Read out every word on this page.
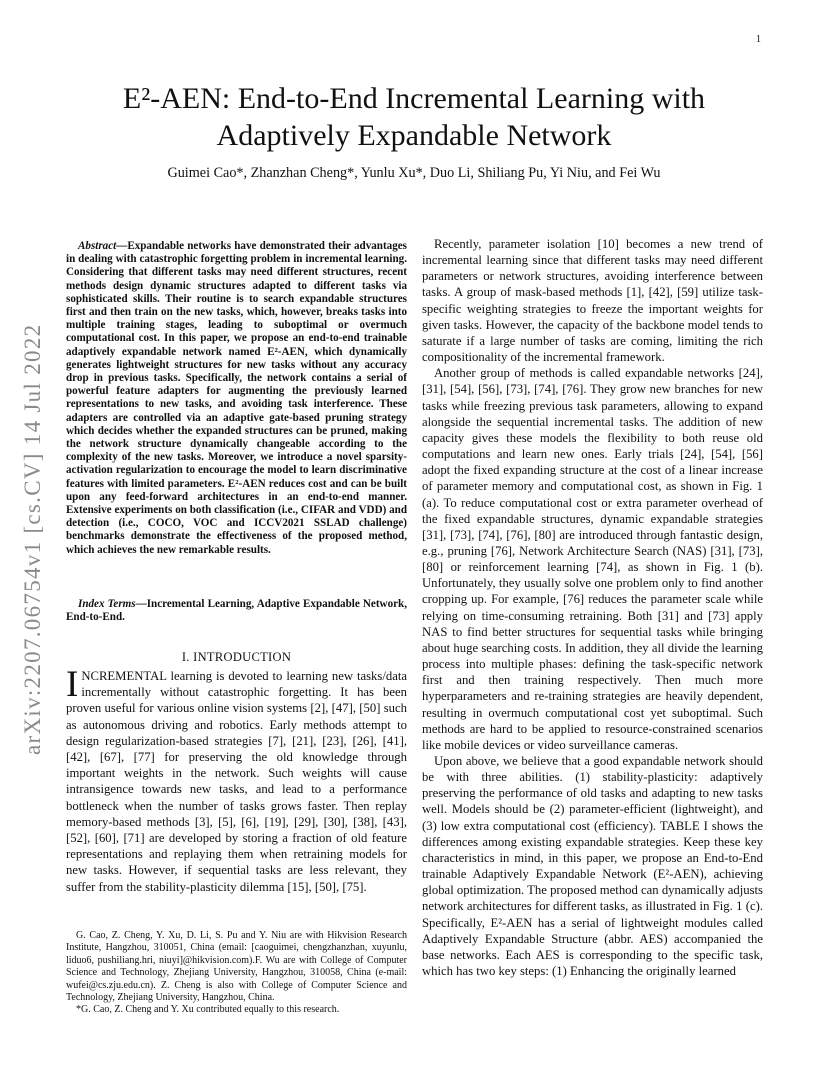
1
arXiv:2207.06754v1 [cs.CV] 14 Jul 2022
E²-AEN: End-to-End Incremental Learning with
Adaptively Expandable Network
Guimei Cao*, Zhanzhan Cheng*, Yunlu Xu*, Duo Li, Shiliang Pu, Yi Niu, and Fei Wu

Abstract—Expandable networks have demonstrated their advantages in dealing with catastrophic forgetting problem in incremental learning. Considering that different tasks may need different structures, recent methods design dynamic structures adapted to different tasks via sophisticated skills. Their routine is to search expandable structures first and then train on the new tasks, which, however, breaks tasks into multiple training stages, leading to suboptimal or overmuch computational cost. In this paper, we propose an end-to-end trainable adaptively expandable network named E²-AEN, which dynamically generates lightweight structures for new tasks without any accuracy drop in previous tasks. Specifically, the network contains a serial of powerful feature adapters for augmenting the previously learned representations to new tasks, and avoiding task interference. These adapters are controlled via an adaptive gate-based pruning strategy which decides whether the expanded structures can be pruned, making the network structure dynamically changeable according to the complexity of the new tasks. Moreover, we introduce a novel sparsity-activation regularization to encourage the model to learn discriminative features with limited parameters. E²-AEN reduces cost and can be built upon any feed-forward architectures in an end-to-end manner. Extensive experiments on both classification (i.e., CIFAR and VDD) and detection (i.e., COCO, VOC and ICCV2021 SSLAD challenge) benchmarks demonstrate the effectiveness of the proposed method, which achieves the new remarkable results.

Index Terms—Incremental Learning, Adaptive Expandable Network, End-to-End.

I. INTRODUCTION

INCREMENTAL learning is devoted to learning new tasks/data incrementally without catastrophic forgetting. It has been proven useful for various online vision systems [2], [47], [50] such as autonomous driving and robotics. Early methods attempt to design regularization-based strategies [7], [21], [23], [26], [41], [42], [67], [77] for preserving the old knowledge through important weights in the network. Such weights will cause intransigence towards new tasks, and lead to a performance bottleneck when the number of tasks grows faster. Then replay memory-based methods [3], [5], [6], [19], [29], [30], [38], [43], [52], [60], [71] are developed by storing a fraction of old feature representations and replaying them when retraining models for new tasks. However, if sequential tasks are less relevant, they suffer from the stability-plasticity dilemma [15], [50], [75].

G. Cao, Z. Cheng, Y. Xu, D. Li, S. Pu and Y. Niu are with Hikvision Research Institute, Hangzhou, 310051, China (email: [caoguimei, chengzhanzhan, xuyunlu, liduo6, pushiliang.hri, niuyi]@hikvision.com).F. Wu are with College of Computer Science and Technology, Zhejiang University, Hangzhou, 310058, China (e-mail: wufei@cs.zju.edu.cn). Z. Cheng is also with College of Computer Science and Technology, Zhejiang University, Hangzhou, China.

*G. Cao, Z. Cheng and Y. Xu contributed equally to this research.

Recently, parameter isolation [10] becomes a new trend of incremental learning since that different tasks may need different parameters or network structures, avoiding interference between tasks. A group of mask-based methods [1], [42], [59] utilize task-specific weighting strategies to freeze the important weights for given tasks. However, the capacity of the backbone model tends to saturate if a large number of tasks are coming, limiting the rich compositionality of the incremental framework.

Another group of methods is called expandable networks [24], [31], [54], [56], [73], [74], [76]. They grow new branches for new tasks while freezing previous task parameters, allowing to expand alongside the sequential incremental tasks. The addition of new capacity gives these models the flexibility to both reuse old computations and learn new ones. Early trials [24], [54], [56] adopt the fixed expanding structure at the cost of a linear increase of parameter memory and computational cost, as shown in Fig. 1 (a). To reduce computational cost or extra parameter overhead of the fixed expandable structures, dynamic expandable strategies [31], [73], [74], [76], [80] are introduced through fantastic design, e.g., pruning [76], Network Architecture Search (NAS) [31], [73], [80] or reinforcement learning [74], as shown in Fig. 1 (b). Unfortunately, they usually solve one problem only to find another cropping up. For example, [76] reduces the parameter scale while relying on time-consuming retraining. Both [31] and [73] apply NAS to find better structures for sequential tasks while bringing about huge searching costs. In addition, they all divide the learning process into multiple phases: defining the task-specific network first and then training respectively. Then much more hyperparameters and re-training strategies are heavily dependent, resulting in overmuch computational cost yet suboptimal. Such methods are hard to be applied to resource-constrained scenarios like mobile devices or video surveillance cameras.

Upon above, we believe that a good expandable network should be with three abilities. (1) stability-plasticity: adaptively preserving the performance of old tasks and adapting to new tasks well. Models should be (2) parameter-efficient (lightweight), and (3) low extra computational cost (efficiency). TABLE I shows the differences among existing expandable strategies. Keep these key characteristics in mind, in this paper, we propose an End-to-End trainable Adaptively Expandable Network (E²-AEN), achieving global optimization. The proposed method can dynamically adjusts network architectures for different tasks, as illustrated in Fig. 1 (c). Specifically, E²-AEN has a serial of lightweight modules called Adaptively Expandable Structure (abbr. AES) accompanied the base networks. Each AES is corresponding to the specific task, which has two key steps: (1) Enhancing the originally learned
